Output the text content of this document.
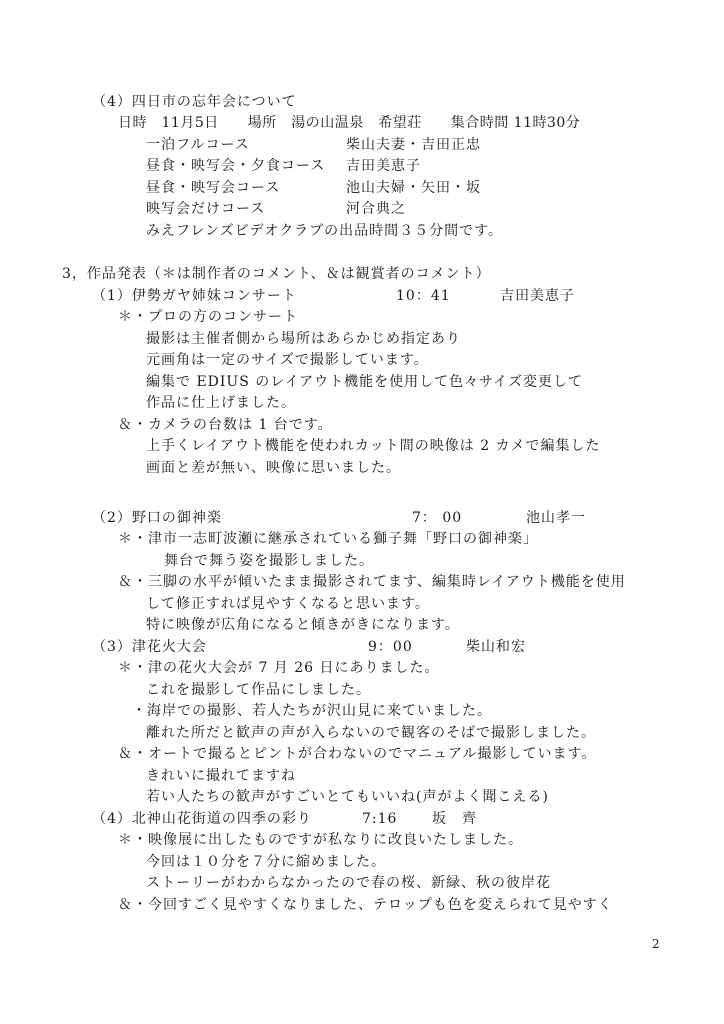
（4）四日市の忘年会について
日時　11月5日　　場所　湯の山温泉　希望荘　　集合時間 11時30分
一泊フルコース	柴山夫妻・吉田正忠
昼食・映写会・夕食コース 吉田美恵子
昼食・映写会コース	池山夫婦・矢田・坂
映写会だけコース	河合典之
みえフレンズビデオクラブの出品時間３５分間です。
3，作品発表（＊は制作者のコメント、＆は観賞者のコメント）
（1）伊勢ガヤ姉妹コンサート	10：41	吉田美恵子
＊・プロの方のコンサート
撮影は主催者側から場所はあらかじめ指定あり
元画角は一定のサイズで撮影しています。
編集で EDIUS のレイアウト機能を使用して色々サイズ変更して
作品に仕上げました。
＆・カメラの台数は 1 台です。
上手くレイアウト機能を使われカット間の映像は 2 カメで編集した
画面と差が無い、映像に思いました。
（2）野口の御神楽	7： 00	池山孝一
＊・津市一志町波瀬に継承されている獅子舞「野口の御神楽」
舞台で舞う姿を撮影しました。
＆・三脚の水平が傾いたまま撮影されてます、編集時レイアウト機能を使用
して修正すれば見やすくなると思います。
特に映像が広角になると傾きがきになります。
（3）津花火大会	9：00	柴山和宏
＊・津の花火大会が 7 月 26 日にありました。
これを撮影して作品にしました。
・海岸での撮影、若人たちが沢山見に来ていました。
離れた所だと歓声の声が入らないので観客のそばで撮影しました。
＆・オートで撮るとピントが合わないのでマニュアル撮影しています。
きれいに撮れてますね
若い人たちの歓声がすごいとてもいいね(声がよく聞こえる)
（4）北神山花街道の四季の彩り	7:16 坂　齊
＊・映像展に出したものですが私なりに改良いたしました。
今回は１０分を７分に縮めました。
ストーリーがわからなかったので春の桜、新緑、秋の彼岸花
＆・今回すごく見やすくなりました、テロップも色を変えられて見やすく
2
